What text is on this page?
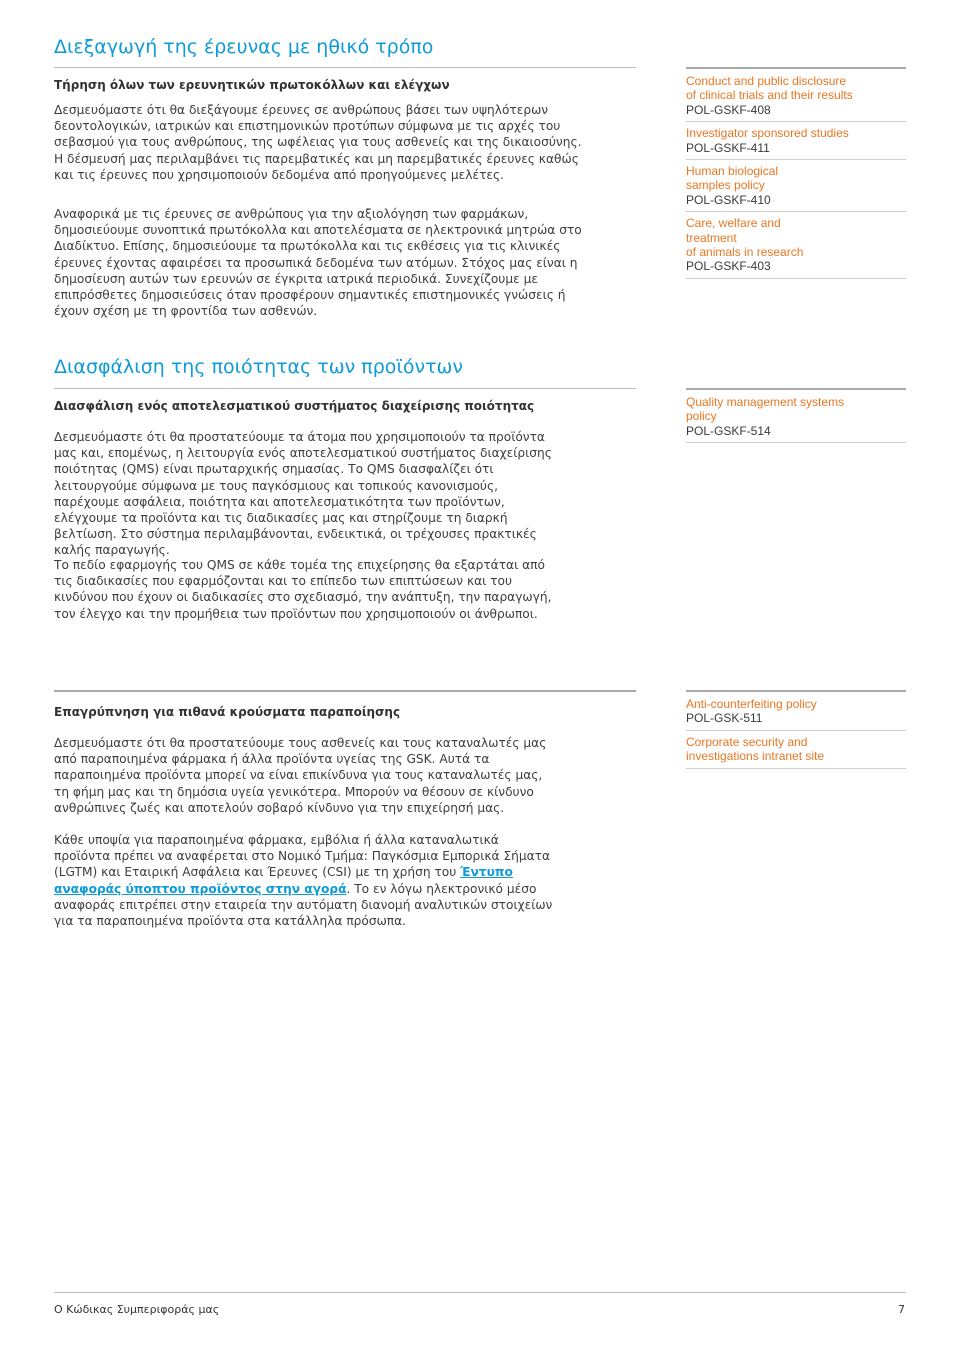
Διεξαγωγή της έρευνας με ηθικό τρόπο

Τήρηση όλων των ερευνητικών πρωτοκόλλων και ελέγχων

Δεσμευόμαστε ότι θα διεξάγουμε έρευνες σε ανθρώπους βάσει των υψηλότερων δεοντολογικών, ιατρικών και επιστημονικών προτύπων σύμφωνα με τις αρχές του σεβασμού για τους ανθρώπους, της ωφέλειας για τους ασθενείς και της δικαιοσύνης. Η δέσμευσή μας περιλαμβάνει τις παρεμβατικές και μη παρεμβατικές έρευνες καθώς και τις έρευνες που χρησιμοποιούν δεδομένα από προηγούμενες μελέτες.

Αναφορικά με τις έρευνες σε ανθρώπους για την αξιολόγηση των φαρμάκων, δημοσιεύουμε συνοπτικά πρωτόκολλα και αποτελέσματα σε ηλεκτρονικά μητρώα στο Διαδίκτυο. Επίσης, δημοσιεύουμε τα πρωτόκολλα και τις εκθέσεις για τις κλινικές έρευνες έχοντας αφαιρέσει τα προσωπικά δεδομένα των ατόμων. Στόχος μας είναι η δημοσίευση αυτών των ερευνών σε έγκριτα ιατρικά περιοδικά. Συνεχίζουμε με επιπρόσθετες δημοσιεύσεις όταν προσφέρουν σημαντικές επιστημονικές γνώσεις ή έχουν σχέση με τη φροντίδα των ασθενών.

Conduct and public disclosure
of clinical trials and their results
POL-GSKF-408
Investigator sponsored studies
POL-GSKF-411
Human biological
samples policy
POL-GSKF-410
Care, welfare and
treatment
of animals in research
POL-GSKF-403
Διασφάλιση της ποιότητας των προϊόντων

Διασφάλιση ενός αποτελεσματικού συστήματος διαχείρισης ποιότητας

Δεσμευόμαστε ότι θα προστατεύουμε τα άτομα που χρησιμοποιούν τα προϊόντα μας και, επομένως, η λειτουργία ενός αποτελεσματικού συστήματος διαχείρισης ποιότητας (QMS) είναι πρωταρχικής σημασίας. Το QMS διασφαλίζει ότι λειτουργούμε σύμφωνα με τους παγκόσμιους και τοπικούς κανονισμούς, παρέχουμε ασφάλεια, ποιότητα και αποτελεσματικότητα των προϊόντων, ελέγχουμε τα προϊόντα και τις διαδικασίες μας και στηρίζουμε τη διαρκή βελτίωση. Στο σύστημα περιλαμβάνονται, ενδεικτικά, οι τρέχουσες πρακτικές καλής παραγωγής.

Το πεδίο εφαρμογής του QMS σε κάθε τομέα της επιχείρησης θα εξαρτάται από τις διαδικασίες που εφαρμόζονται και το επίπεδο των επιπτώσεων και του κινδύνου που έχουν οι διαδικασίες στο σχεδιασμό, την ανάπτυξη, την παραγωγή, τον έλεγχο και την προμήθεια των προϊόντων που χρησιμοποιούν οι άνθρωποι.

Quality management systems
policy
POL-GSKF-514

Επαγρύπνηση για πιθανά κρούσματα παραποίησης

Δεσμευόμαστε ότι θα προστατεύουμε τους ασθενείς και τους καταναλωτές μας από παραποιημένα φάρμακα ή άλλα προϊόντα υγείας της GSK. Αυτά τα παραποιημένα προϊόντα μπορεί να είναι επικίνδυνα για τους καταναλωτές μας, τη φήμη μας και τη δημόσια υγεία γενικότερα. Μπορούν να θέσουν σε κίνδυνο ανθρώπινες ζωές και αποτελούν σοβαρό κίνδυνο για την επιχείρησή μας.

Κάθε υποψία για παραποιημένα φάρμακα, εμβόλια ή άλλα καταναλωτικά προϊόντα πρέπει να αναφέρεται στο Νομικό Τμήμα: Παγκόσμια Εμπορικά Σήματα (LGTM) και Εταιρική Ασφάλεια και Έρευνες (CSI) με τη χρήση του Έντυπο αναφοράς ύποπτου προϊόντος στην αγορά. Το εν λόγω ηλεκτρονικό μέσο αναφοράς επιτρέπει στην εταιρεία την αυτόματη διανομή αναλυτικών στοιχείων για τα παραποιημένα προϊόντα στα κατάλληλα πρόσωπα.

Anti-counterfeiting policy
POL-GSK-511
Corporate security and
investigations intranet site
Ο Κώδικας Συμπεριφοράς μας	7
